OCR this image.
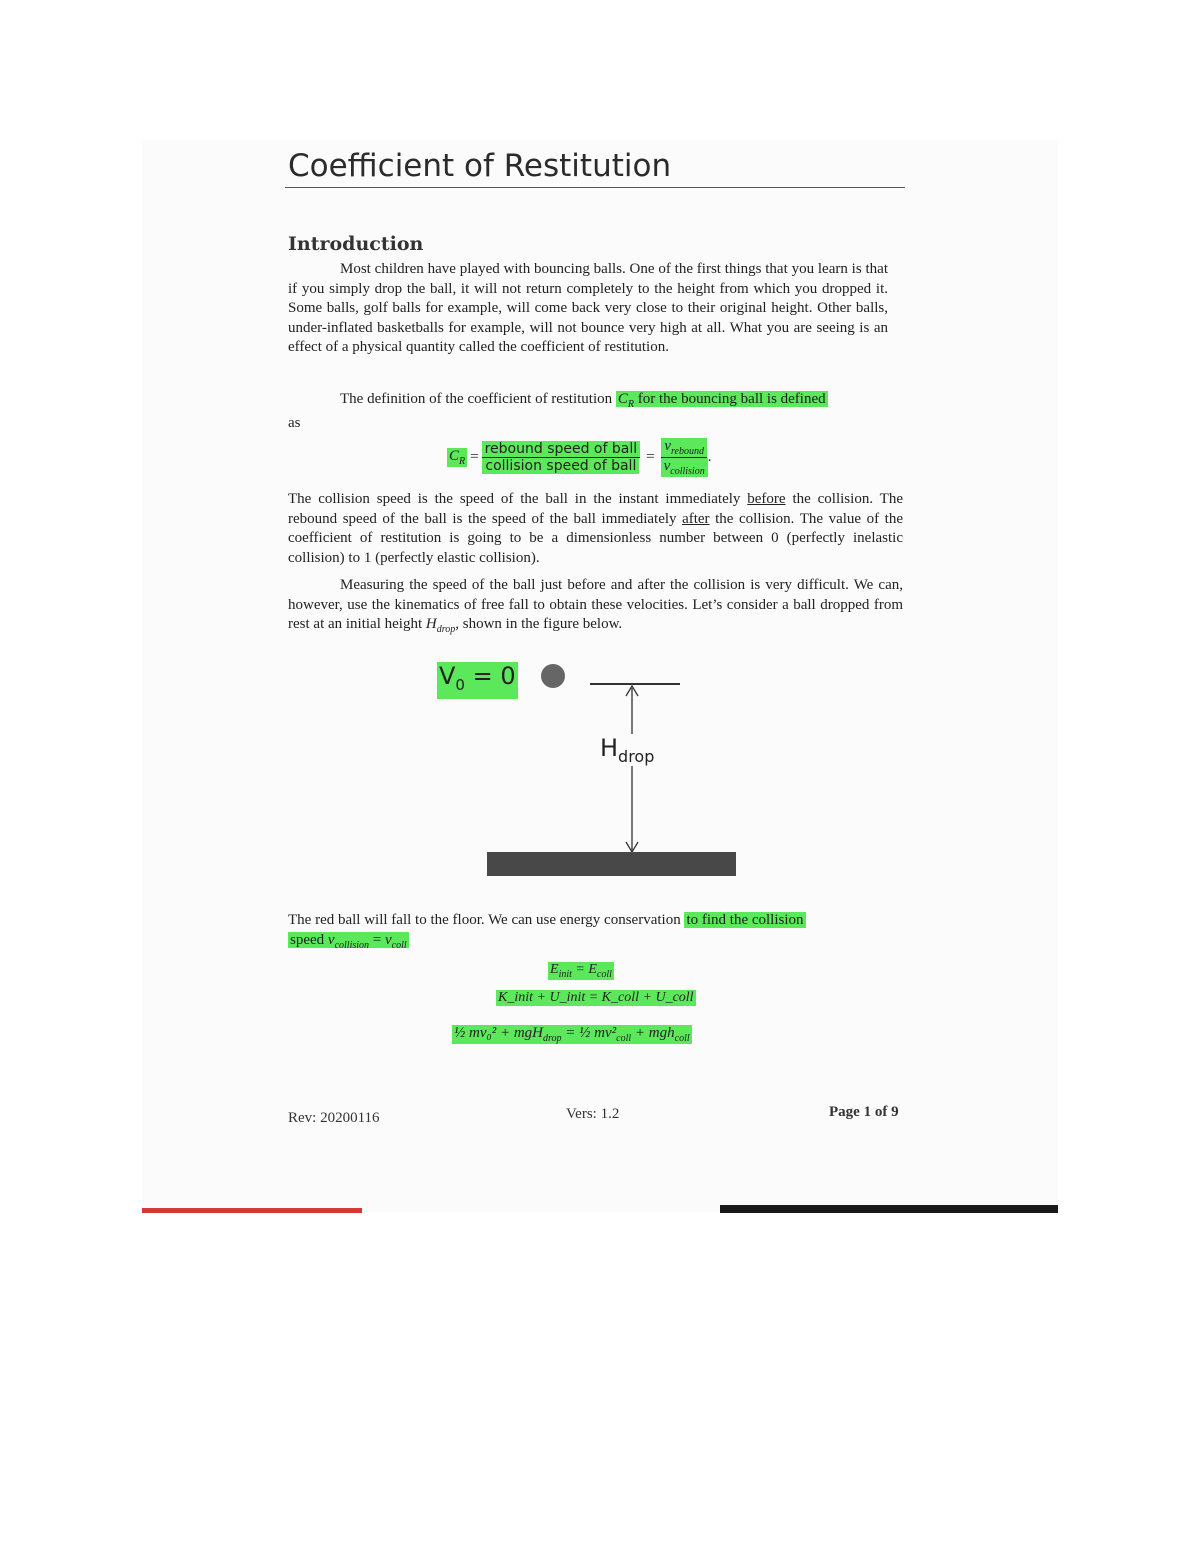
Coefficient of Restitution
Introduction
Most children have played with bouncing balls. One of the first things that you learn is that if you simply drop the ball, it will not return completely to the height from which you dropped it. Some balls, golf balls for example, will come back very close to their original height. Other balls, under-inflated basketballs for example, will not bounce very high at all. What you are seeing is an effect of a physical quantity called the coefficient of restitution.
The definition of the coefficient of restitution $C_R$ for the bouncing ball is defined
as
$C_R = \frac{\text{rebound speed of ball}}{\text{collision speed of ball}} = \frac{v_{rebound}}{v_{collision}}$ .
The collision speed is the speed of the ball in the instant immediately before the collision. The rebound speed of the ball is the speed of the ball immediately after the collision. The value of the coefficient of restitution is going to be a dimensionless number between 0 (perfectly inelastic collision) to 1 (perfectly elastic collision).
Measuring the speed of the ball just before and after the collision is very difficult. We can, however, use the kinematics of free fall to obtain these velocities. Let’s consider a ball dropped from rest at an initial height $H_{drop}$, shown in the figure below.
$V_0 = 0$
$H_{drop}$
The red ball will fall to the floor. We can use energy conservation to find the collision
speed $v_{collision} = v_{coll}$
$E_{init} = E_{coll}$
K_init + U_init = K_coll + U_coll
½ mv₀² + mgH$_{drop}$ = ½ $mv^2_{coll} + mgh_{coll}$
Rev: 20200116	Vers: 1.2	Page 1 of 9
